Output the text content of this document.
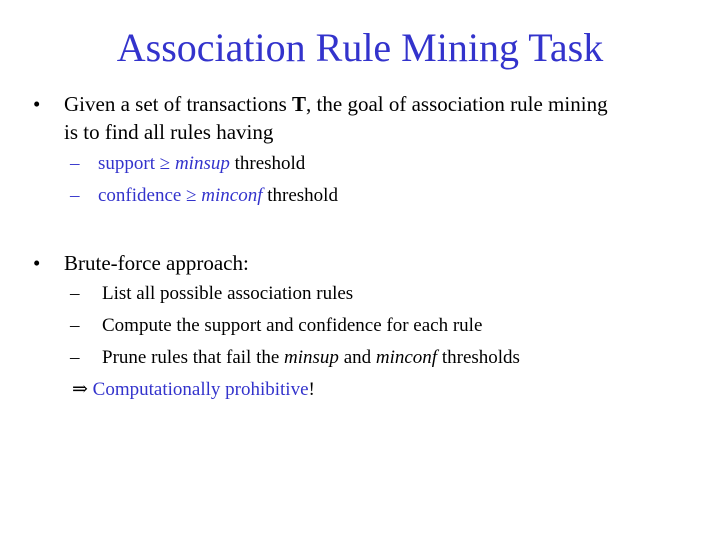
Association Rule Mining Task
• Given a set of transactions T, the goal of association rule mining
is to find all rules having
– support ≥ minsup threshold
– confidence ≥ minconf threshold
• Brute-force approach:
– List all possible association rules
– Compute the support and confidence for each rule
– Prune rules that fail the minsup and minconf thresholds
⇒ Computationally prohibitive!
